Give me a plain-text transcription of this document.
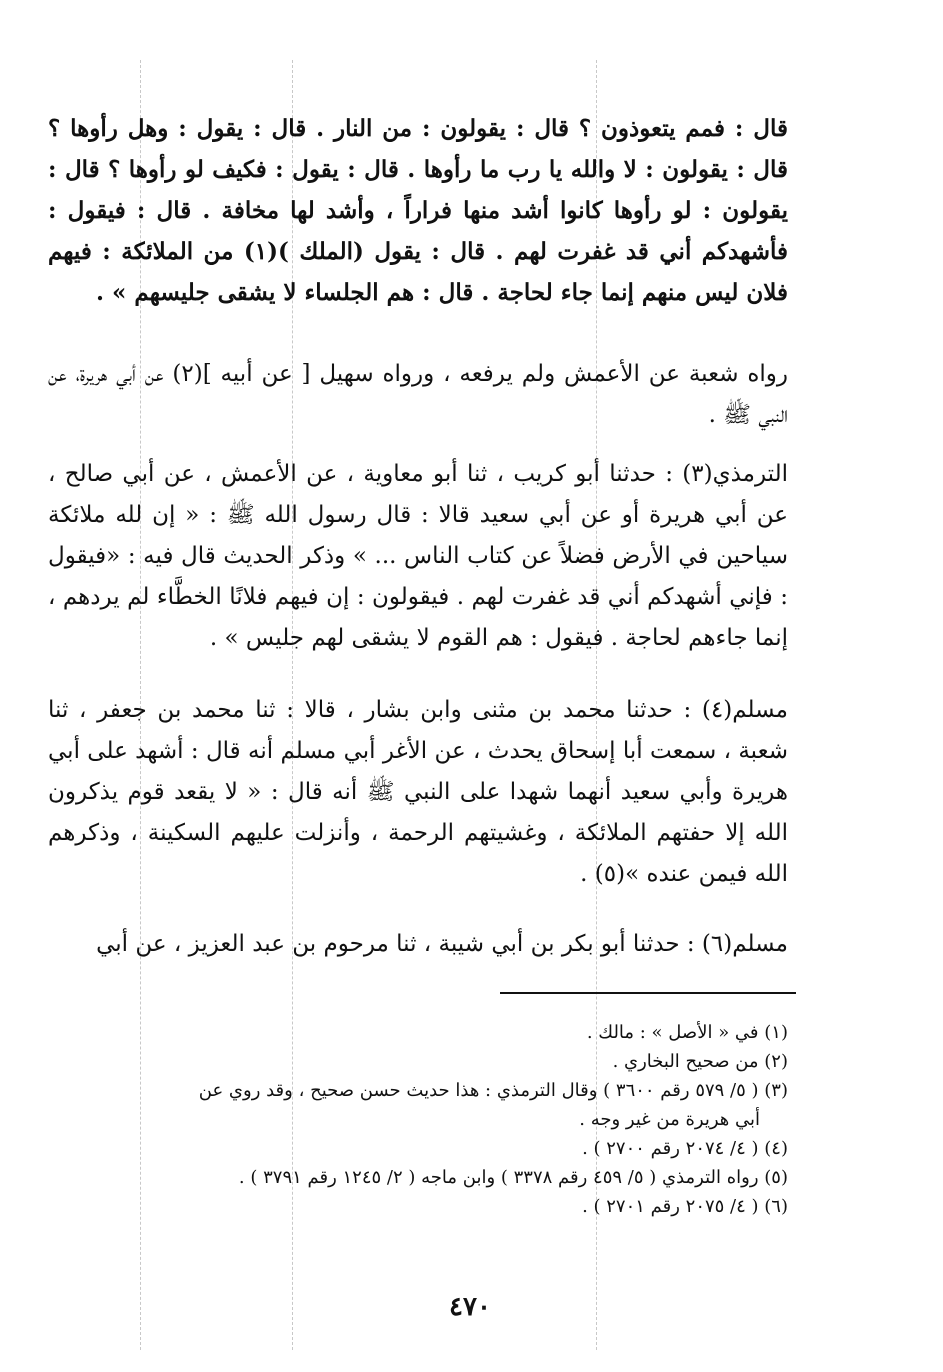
قال : فمم يتعوذون ؟ قال : يقولون : من النار . قال : يقول : وهل رأوها ؟ قال : يقولون : لا والله يا رب ما رأوها . قال : يقول : فكيف لو رأوها ؟ قال : يقولون : لو رأوها كانوا أشد منها فراراً ، وأشد لها مخافة . قال : فيقول : فأشهدكم أني قد غفرت لهم . قال : يقول (الملك )(١) من الملائكة : فيهم فلان ليس منهم إنما جاء لحاجة . قال : هم الجلساء لا يشقى جليسهم » .

رواه شعبة عن الأعمش ولم يرفعه ، ورواه سهيل [ عن أبيه ](٢) عن أبي هريرة، عن النبي ﷺ .

الترمذي(٣) : حدثنا أبو كريب ، ثنا أبو معاوية ، عن الأعمش ، عن أبي صالح ، عن أبي هريرة أو عن أبي سعيد قالا : قال رسول الله ﷺ : « إن لله ملائكة سياحين في الأرض فضلاً عن كتاب الناس ... » وذكر الحديث قال فيه : «فيقول : فإني أشهدكم أني قد غفرت لهم . فيقولون : إن فيهم فلانًا الخطَّاء لم يردهم ، إنما جاءهم لحاجة . فيقول : هم القوم لا يشقى لهم جليس » .

مسلم(٤) : حدثنا محمد بن مثنى وابن بشار ، قالا : ثنا محمد بن جعفر ، ثنا شعبة ، سمعت أبا إسحاق يحدث ، عن الأغر أبي مسلم أنه قال : أشهد على أبي هريرة وأبي سعيد أنهما شهدا على النبي ﷺ أنه قال : « لا يقعد قوم يذكرون الله إلا حفتهم الملائكة ، وغشيتهم الرحمة ، وأنزلت عليهم السكينة ، وذكرهم الله فيمن عنده »(٥) .

مسلم(٦) : حدثنا أبو بكر بن أبي شيبة ، ثنا مرحوم بن عبد العزيز ، عن أبي

(١) في « الأصل » : مالك .

(٢) من صحيح البخاري .

(٣) ( ٥/ ٥٧٩ رقم ٣٦٠٠ ) وقال الترمذي : هذا حديث حسن صحيح ، وقد روي عن

أبي هريرة من غير وجه .

(٤) ( ٤/ ٢٠٧٤ رقم ٢٧٠٠ ) .

(٥) رواه الترمذي ( ٥/ ٤٥٩ رقم ٣٣٧٨ ) وابن ماجه ( ٢/ ١٢٤٥ رقم ٣٧٩١ ) .

(٦) ( ٤/ ٢٠٧٥ رقم ٢٧٠١ ) .

٤٧٠
